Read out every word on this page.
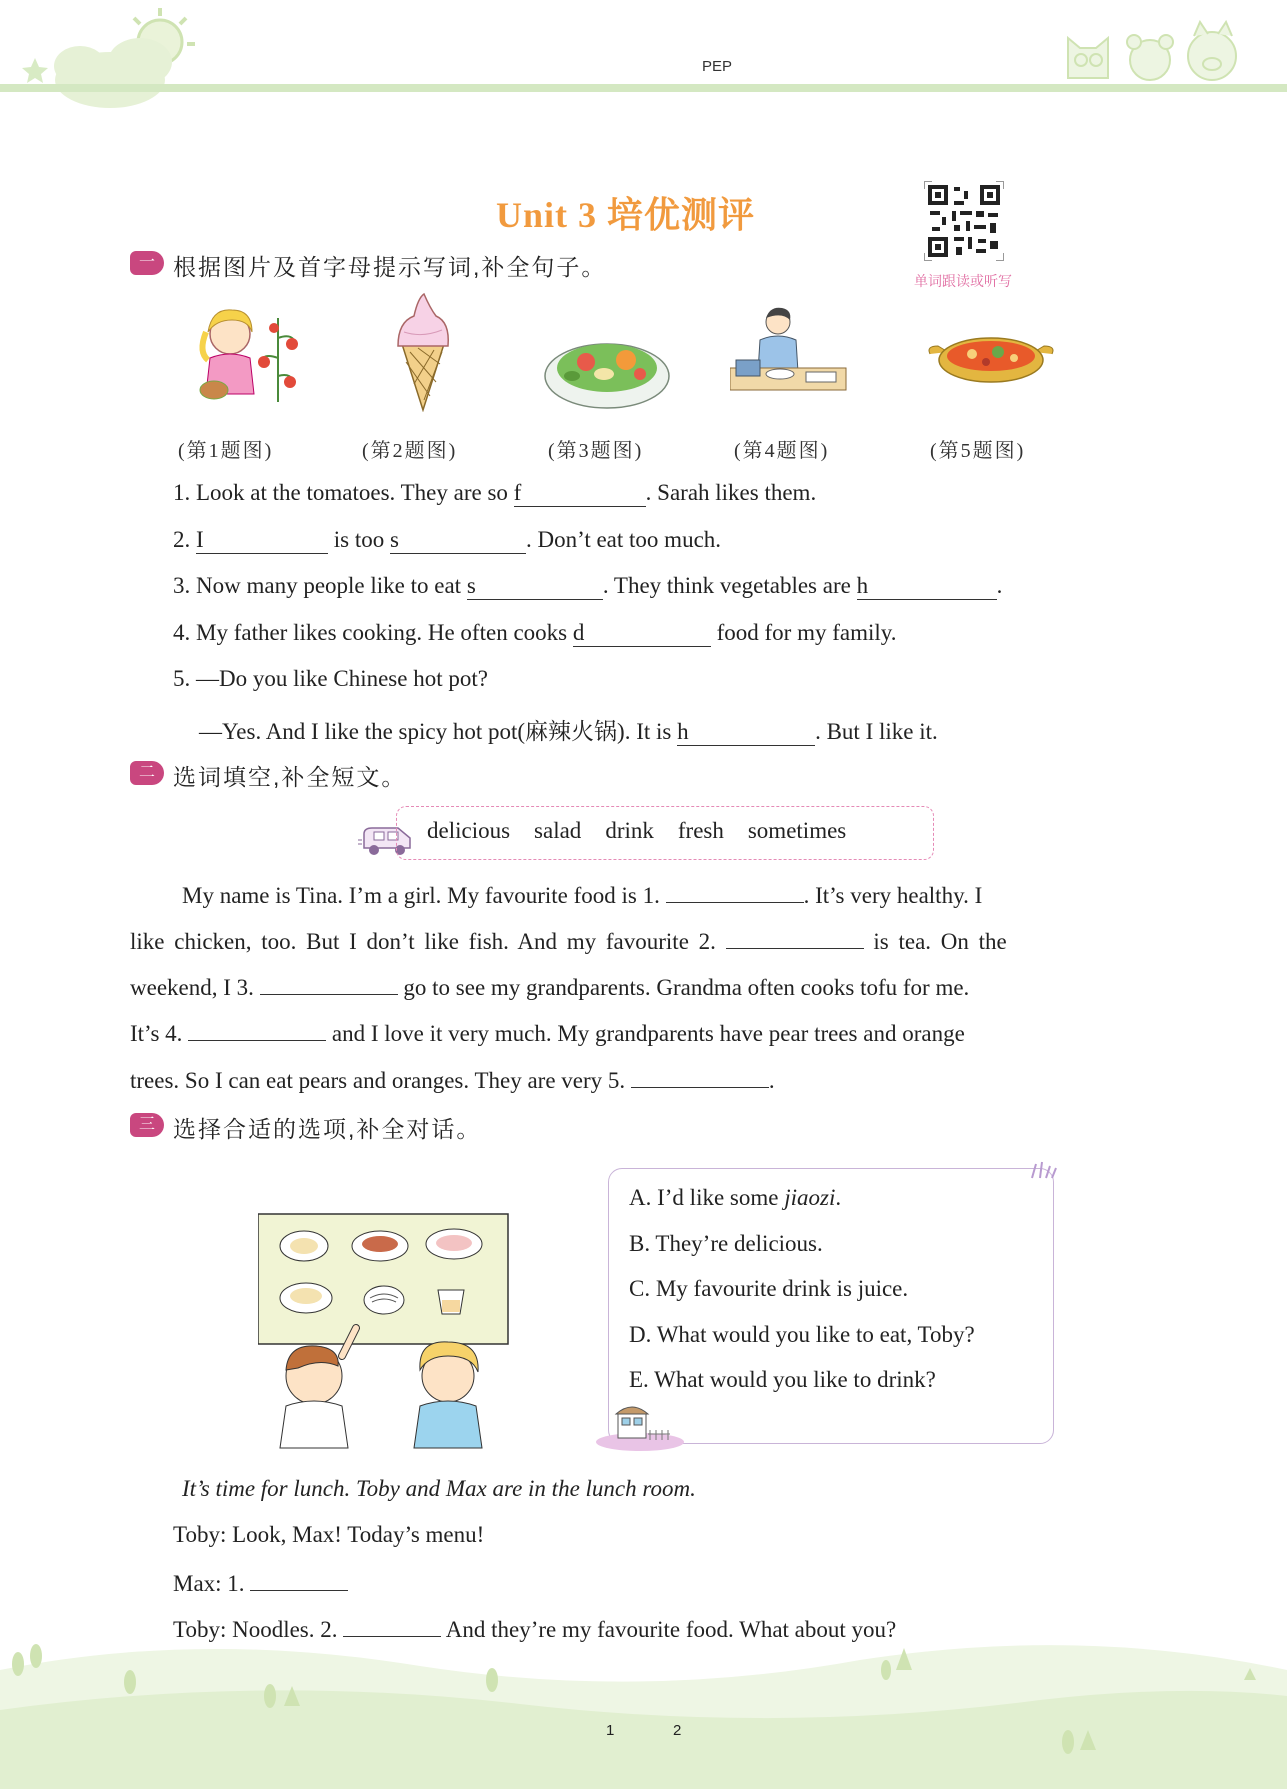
PEP
Unit 3 培优测评
单词跟读或听写
一 根据图片及首字母提示写词,补全句子。
(第1题图)	(第2题图)	(第3题图)	(第4题图)	(第5题图)
1. Look at the tomatoes. They are so f	. Sarah likes them.
2. I	is too s	. Don’t eat too much.
3. Now many people like to eat s	. They think vegetables are h	.
4. My father likes cooking. He often cooks d	food for my family.
5. —Do you like Chinese hot pot?
—Yes. And I like the spicy hot pot(麻辣火锅). It is h	. But I like it.
二 选词填空,补全短文。
delicious salad drink fresh sometimes
My name is Tina. I’m a girl. My favourite food is 1.	. It’s very healthy. I
like chicken, too. But I don’t like fish. And my favourite 2.	is tea. On the
weekend, I 3.	go to see my grandparents. Grandma often cooks tofu for me.
It’s 4.	and I love it very much. My grandparents have pear trees and orange
trees. So I can eat pears and oranges. They are very 5.	.
三 选择合适的选项,补全对话。
A. I’d like some jiaozi.
B. They’re delicious.
C. My favourite drink is juice.
D. What would you like to eat, Toby?
E. What would you like to drink?
It’s time for lunch. Toby and Max are in the lunch room.
Toby: Look, Max! Today’s menu!
Max: 1.
Toby: Noodles. 2.	And they’re my favourite food. What about you?
1	2
